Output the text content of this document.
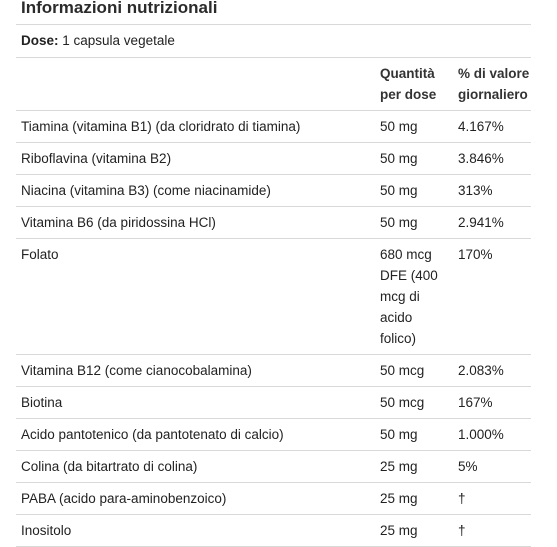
Informazioni nutrizionali
Dose: 1 capsula vegetale
	Quantità per dose	% di valore giornaliero
Tiamina (vitamina B1) (da cloridrato di tiamina)	50 mg	4.167%
Riboflavina (vitamina B2)	50 mg	3.846%
Niacina (vitamina B3) (come niacinamide)	50 mg	313%
Vitamina B6 (da piridossina HCl)	50 mg	2.941%
Folato	680 mcg DFE (400 mcg di acido folico)	170%
Vitamina B12 (come cianocobalamina)	50 mcg	2.083%
Biotina	50 mcg	167%
Acido pantotenico (da pantotenato di calcio)	50 mg	1.000%
Colina (da bitartrato di colina)	25 mg	5%
PABA (acido para-aminobenzoico)	25 mg	†
Inositolo	25 mg	†
